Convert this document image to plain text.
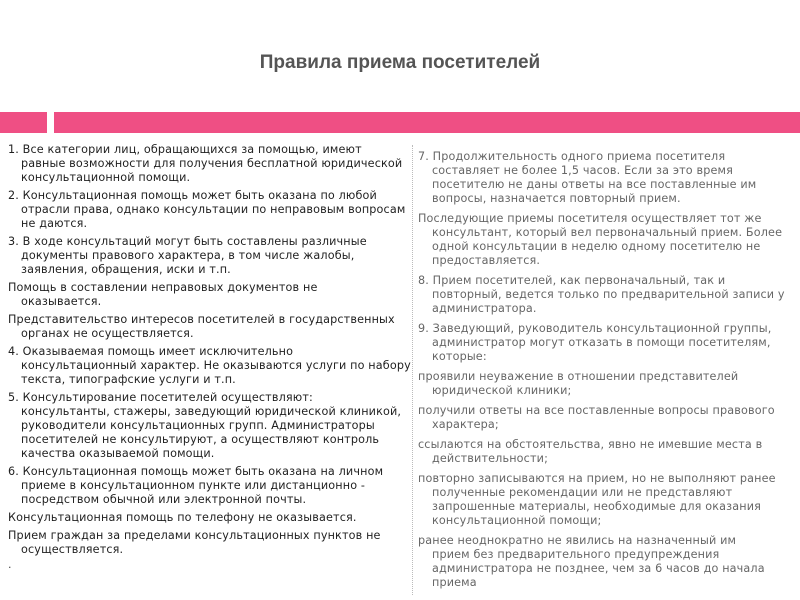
Правила приема посетителей
1. Все категории лиц, обращающихся за помощью, имеют
равные возможности для получения бесплатной юридической консультационной помощи.
2. Консультационная помощь может быть оказана по любой
отрасли права, однако консультации по неправовым вопросам не даются.
3. В ходе консультаций могут быть составлены различные
документы правового характера, в том числе жалобы, заявления, обращения, иски и т.п.
Помощь в составлении неправовых документов не
оказывается.
Представительство интересов посетителей в государственных
органах не осуществляется.
4. Оказываемая помощь имеет исключительно
консультационный характер. Не оказываются услуги по набору текста, типографские услуги и т.п.
5. Консультирование посетителей осуществляют:
консультанты, стажеры, заведующий юридической клиникой, руководители консультационных групп. Администраторы посетителей не консультируют, а осуществляют контроль качества оказываемой помощи.
6. Консультационная помощь может быть оказана на личном
приеме в консультационном пункте или дистанционно - посредством обычной или электронной почты.
Консультационная помощь по телефону не оказывается.
Прием граждан за пределами консультационных пунктов не
осуществляется.
.
7. Продолжительность одного приема посетителя
составляет не более 1,5 часов. Если за это время посетителю не даны ответы на все поставленные им вопросы, назначается повторный прием.
Последующие приемы посетителя осуществляет тот же
консультант, который вел первоначальный прием. Более одной консультации в неделю одному посетителю не предоставляется.
8. Прием посетителей, как первоначальный, так и
повторный, ведется только по предварительной записи у администратора.
9. Заведующий, руководитель консультационной группы,
администратор могут отказать в помощи посетителям, которые:
проявили неуважение в отношении представителей
юридической клиники;
получили ответы на все поставленные вопросы правового
характера;
ссылаются на обстоятельства, явно не имевшие места в
действительности;
повторно записываются на прием, но не выполняют ранее
полученные рекомендации или не представляют запрошенные материалы, необходимые для оказания консультационной помощи;
ранее неоднократно не явились на назначенный им
прием без предварительного предупреждения администратора не позднее, чем за 6 часов до начала приема
